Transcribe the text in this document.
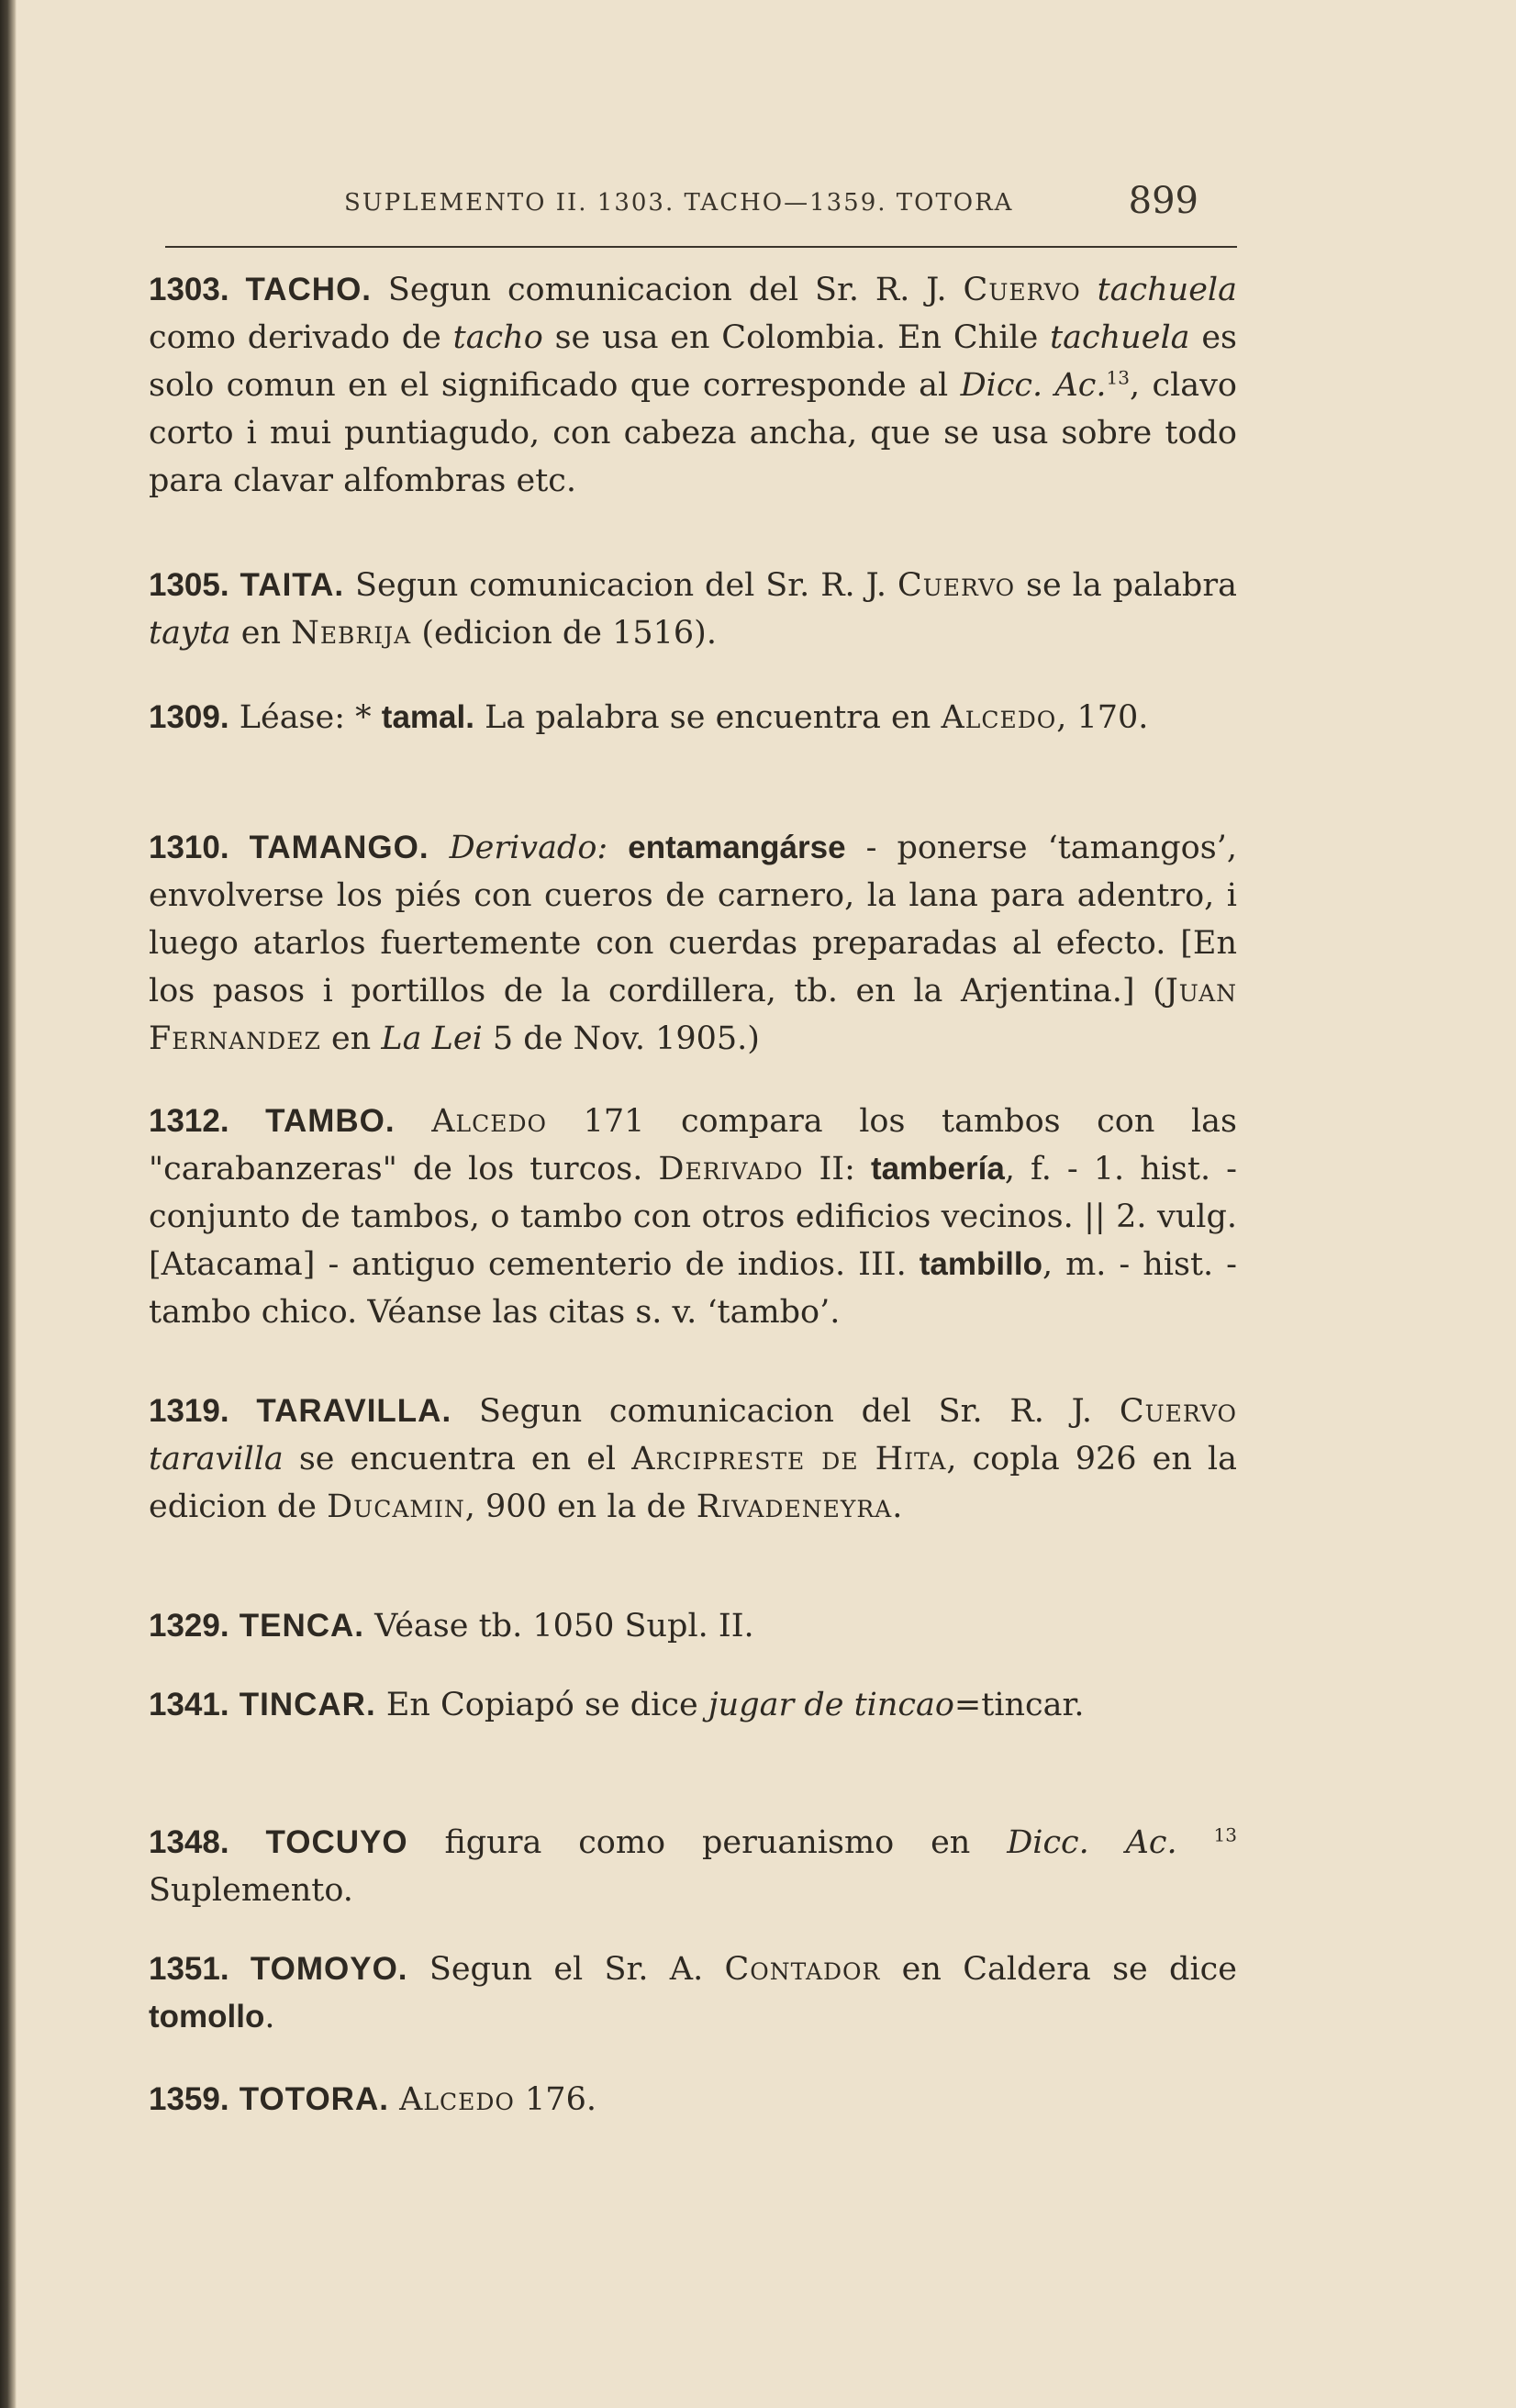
SUPLEMENTO II. 1303. TACHO—1359. TOTORA	899

1303. TACHO. Segun comunicacion del Sr. R. J. Cuervo tachuela como derivado de tacho se usa en Colombia. En Chile tachuela es solo comun en el significado que corresponde al Dicc. Ac.$^{13}$, clavo corto i mui puntiagudo, con cabeza ancha, que se usa sobre todo para clavar alfombras etc.

1305. TAITA. Segun comunicacion del Sr. R. J. Cuervo se la palabra tayta en Nebrija (edicion de 1516).

1309. Léase: * tamal. La palabra se encuentra en Alcedo, 170.

1310. TAMANGO. Derivado: entamangárse - ponerse ‘tamangos’, envolverse los piés con cueros de carnero, la lana para adentro, i luego atarlos fuertemente con cuerdas preparadas al efecto. [En los pasos i portillos de la cordillera, tb. en la Arjentina.] (Juan Fernandez en La Lei 5 de Nov. 1905.)

1312. TAMBO. Alcedo 171 compara los tambos con las "carabanzeras" de los turcos. Derivado II: tambería, f. - 1. hist. - conjunto de tambos, o tambo con otros edificios vecinos. || 2. vulg. [Atacama] - antiguo cementerio de indios. III. tambillo, m. - hist. - tambo chico. Véanse las citas s. v. ‘tambo’.

1319. TARAVILLA. Segun comunicacion del Sr. R. J. Cuervo taravilla se encuentra en el Arcipreste de Hita, copla 926 en la edicion de Ducamin, 900 en la de Rivadeneyra.

1329. TENCA. Véase tb. 1050 Supl. II.

1341. TINCAR. En Copiapó se dice jugar de tincao=tincar.

1348. TOCUYO figura como peruanismo en Dicc. Ac. $^{13}$ Suplemento.

1351. TOMOYO. Segun el Sr. A. Contador en Caldera se dice tomollo.

1359. TOTORA. Alcedo 176.
